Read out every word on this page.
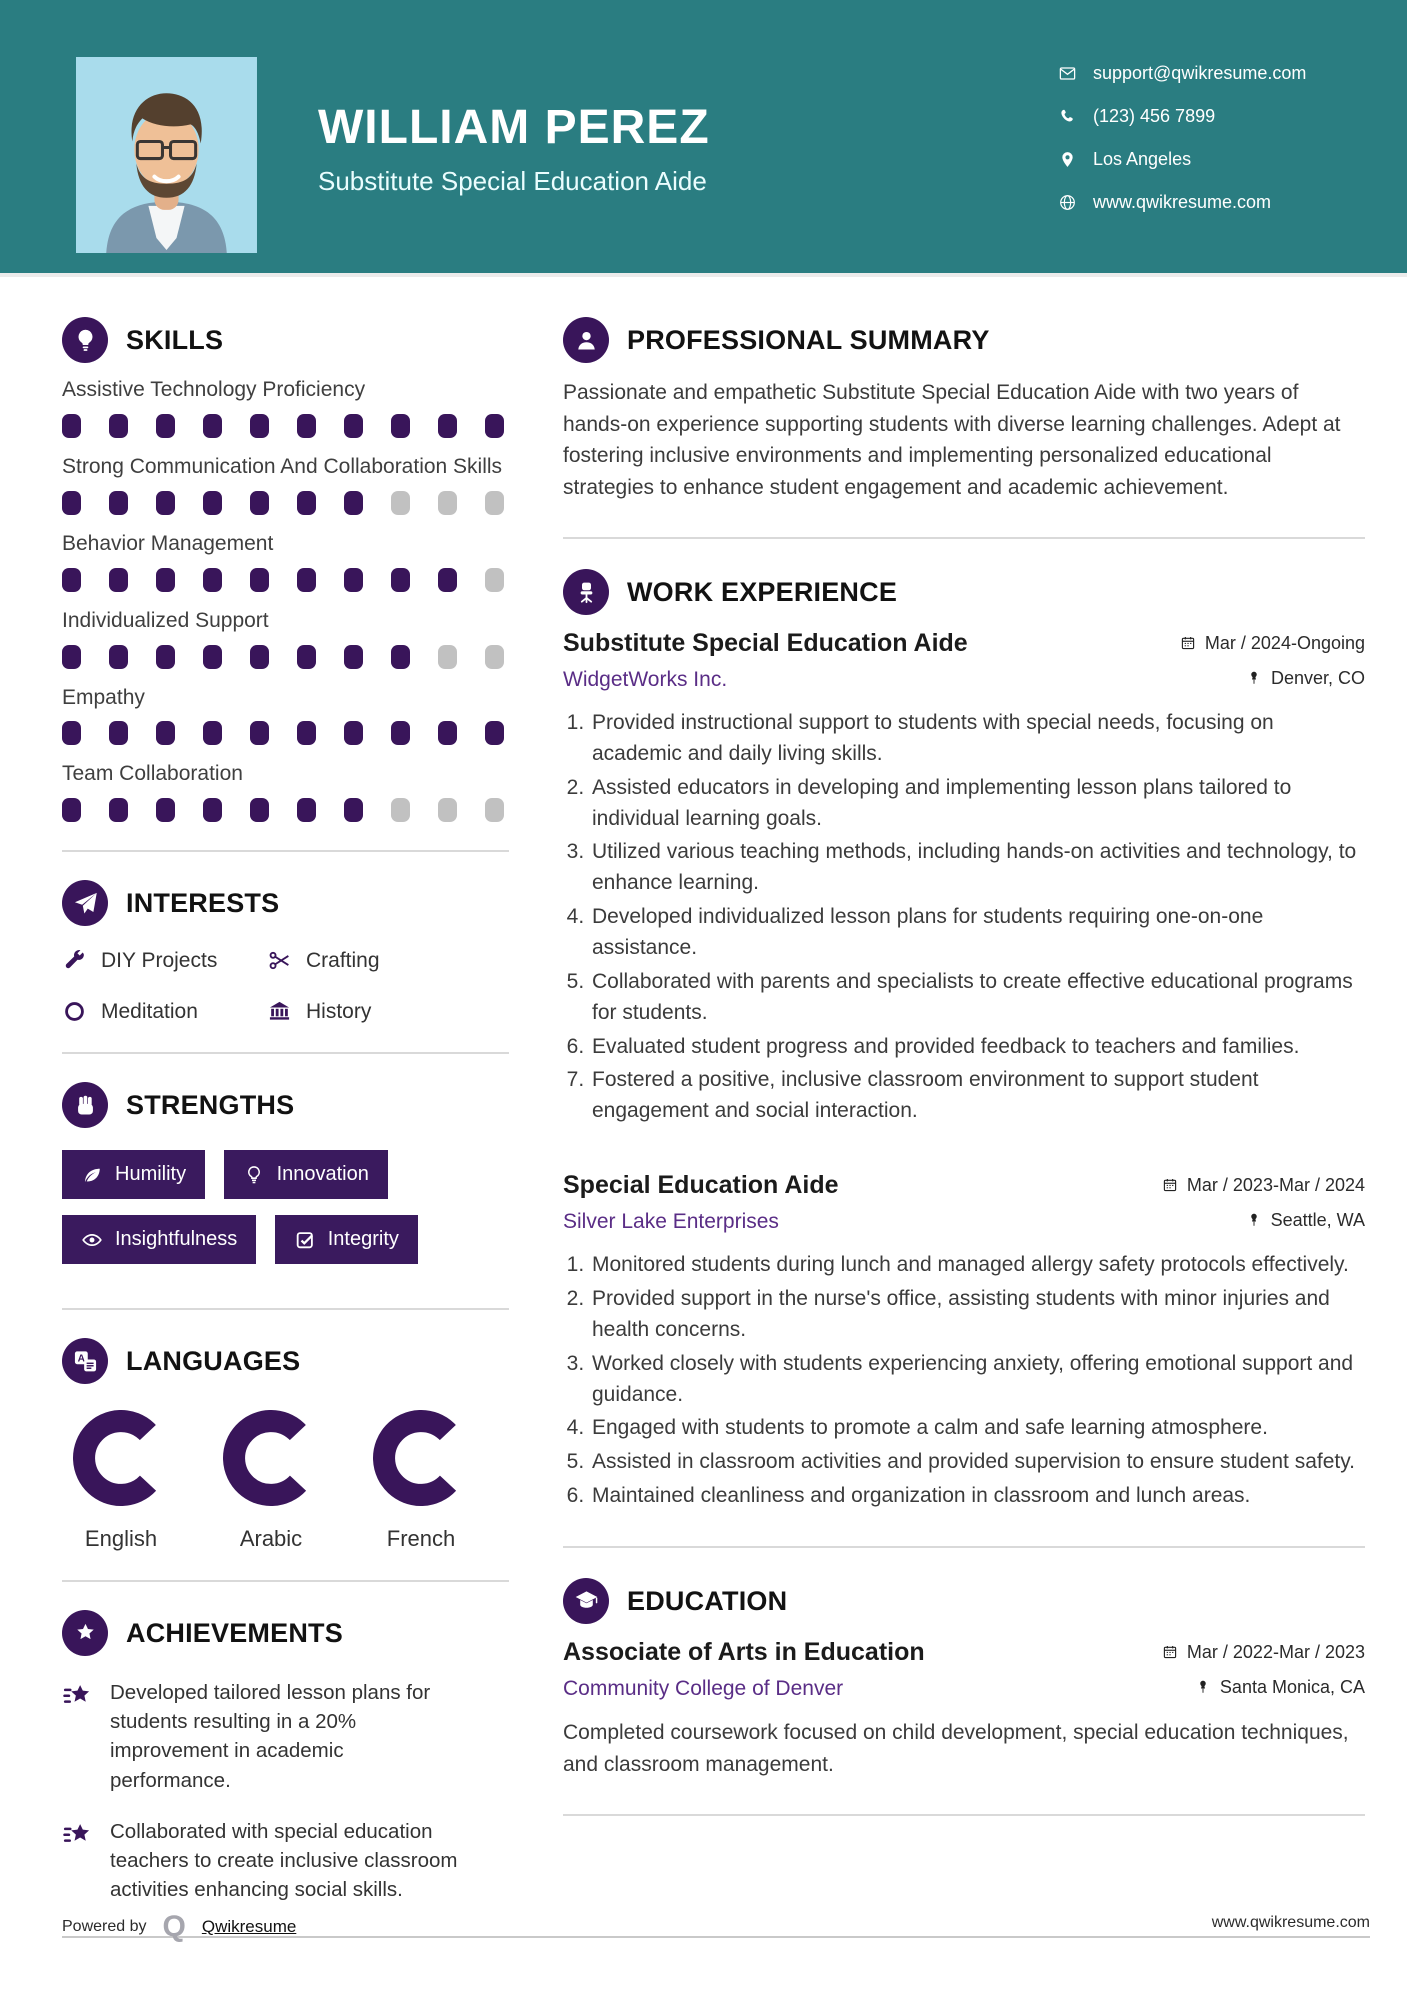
WILLIAM PEREZ

Substitute Special Education Aide

support@qwikresume.com
(123) 456 7899
Los Angeles
www.qwikresume.com
SKILLS
Assistive Technology Proficiency
Strong Communication And Collaboration Skills
Behavior Management
Individualized Support
Empathy
Team Collaboration
INTERESTS
DIY Projects	Crafting
Meditation	History
STRENGTHS
Humility
	Innovation

Insightfulness
	Integrity
LANGUAGES
English	Arabic	French
ACHIEVEMENTS

Developed tailored lesson plans for students resulting in a 20% improvement in academic performance.

Collaborated with special education teachers to create inclusive classroom activities enhancing social skills.

PROFESSIONAL SUMMARY

Passionate and empathetic Substitute Special Education Aide with two years of hands-on experience supporting students with diverse learning challenges. Adept at fostering inclusive environments and implementing personalized educational strategies to enhance student engagement and academic achievement.

WORK EXPERIENCE
Substitute Special Education Aide	Mar / 2024-Ongoing
WidgetWorks Inc.	Denver, CO
1. Provided instructional support to students with special needs, focusing on academic and daily living skills.
2. Assisted educators in developing and implementing lesson plans tailored to individual learning goals.
3. Utilized various teaching methods, including hands-on activities and technology, to enhance learning.
4. Developed individualized lesson plans for students requiring one-on-one assistance.
5. Collaborated with parents and specialists to create effective educational programs for students.
6. Evaluated student progress and provided feedback to teachers and families.
7. Fostered a positive, inclusive classroom environment to support student engagement and social interaction.
Special Education Aide	Mar / 2023-Mar / 2024
Silver Lake Enterprises	Seattle, WA
1. Monitored students during lunch and managed allergy safety protocols effectively.
2. Provided support in the nurse's office, assisting students with minor injuries and health concerns.
3. Worked closely with students experiencing anxiety, offering emotional support and guidance.
4. Engaged with students to promote a calm and safe learning atmosphere.
5. Assisted in classroom activities and provided supervision to ensure student safety.
6. Maintained cleanliness and organization in classroom and lunch areas.
EDUCATION
Associate of Arts in Education	Mar / 2022-Mar / 2023
Community College of Denver	Santa Monica, CA

Completed coursework focused on child development, special education techniques, and classroom management.

Powered by Q Qwikresume	www.qwikresume.com
